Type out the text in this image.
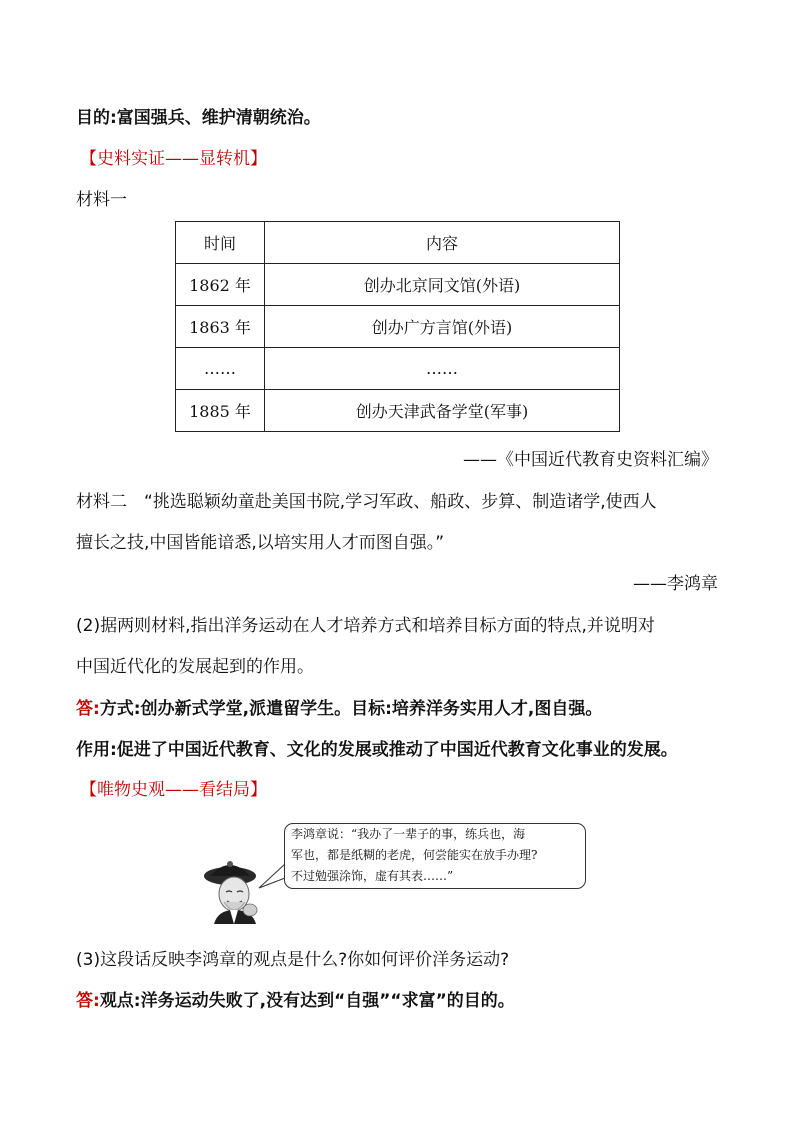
目的:富国强兵、维护清朝统治。
【史料实证——显转机】
材料一
时间	内容
1862 年	创办北京同文馆(外语)
1863 年	创办广方言馆(外语)
……	……
1885 年	创办天津武备学堂(军事)
——《中国近代教育史资料汇编》
材料二　“挑选聪颖幼童赴美国书院,学习军政、船政、步算、制造诸学,使西人
擅长之技,中国皆能谙悉,以培实用人才而图自强。”
——李鸿章
(2)据两则材料,指出洋务运动在人才培养方式和培养目标方面的特点,并说明对
中国近代化的发展起到的作用。
答:方式:创办新式学堂,派遣留学生。目标:培养洋务实用人才,图自强。
作用:促进了中国近代教育、文化的发展或推动了中国近代教育文化事业的发展。
【唯物史观——看结局】
李鸿章说：“我办了一辈子的事，练兵也，海
军也，都是纸糊的老虎，何尝能实在放手办理?
不过勉强涂饰，虚有其表……”
(3)这段话反映李鸿章的观点是什么?你如何评价洋务运动?
答:观点:洋务运动失败了,没有达到“自强”“求富”的目的。
